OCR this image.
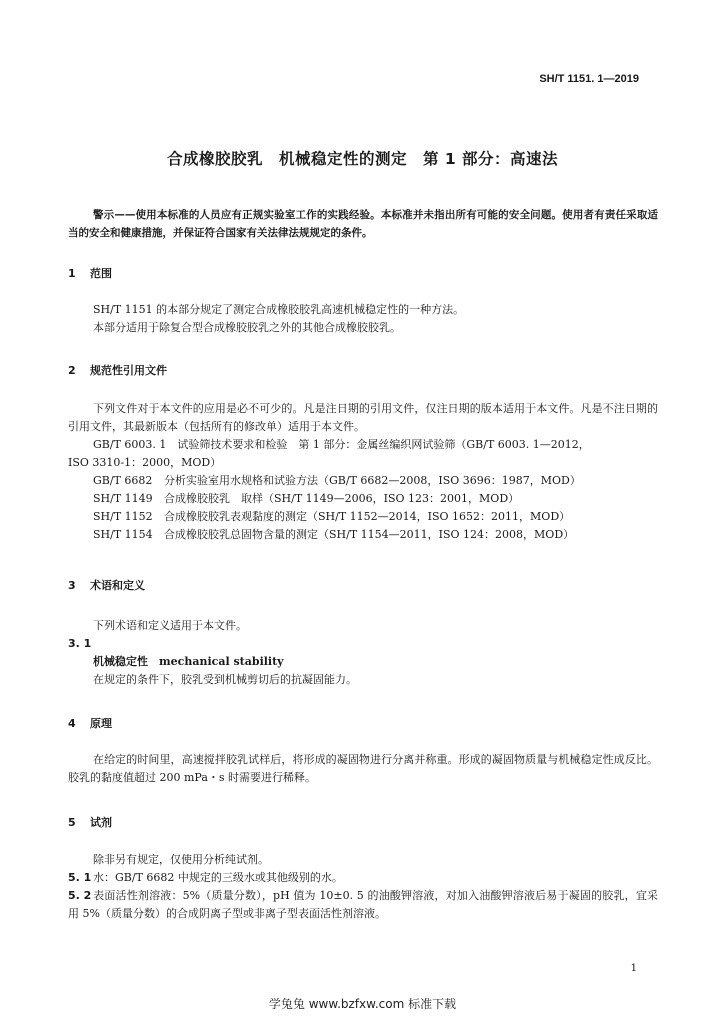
SH/T 1151. 1—2019
合成橡胶胶乳　机械稳定性的测定　第 1 部分：高速法

警示——使用本标准的人员应有正规实验室工作的实践经验。本标准并未指出所有可能的安全问题。使用者有责任采取适当的安全和健康措施，并保证符合国家有关法律法规规定的条件。

1 范围

SH/T 1151 的本部分规定了测定合成橡胶胶乳高速机械稳定性的一种方法。

本部分适用于除复合型合成橡胶胶乳之外的其他合成橡胶胶乳。

2 规范性引用文件

下列文件对于本文件的应用是必不可少的。凡是注日期的引用文件，仅注日期的版本适用于本文件。凡是不注日期的引用文件，其最新版本（包括所有的修改单）适用于本文件。

GB/T 6003. 1　试验筛技术要求和检验　第 1 部分：金属丝编织网试验筛（GB/T 6003. 1—2012，

ISO 3310-1：2000，MOD）

GB/T 6682 分析实验室用水规格和试验方法（GB/T 6682—2008，ISO 3696：1987，MOD）

SH/T 1149 合成橡胶胶乳　取样（SH/T 1149—2006，ISO 123：2001，MOD）

SH/T 1152 合成橡胶胶乳表观黏度的测定（SH/T 1152—2014，ISO 1652：2011，MOD）

SH/T 1154 合成橡胶胶乳总固物含量的测定（SH/T 1154—2011，ISO 124：2008，MOD）

3 术语和定义

下列术语和定义适用于本文件。

3. 1

机械稳定性　mechanical stability

在规定的条件下，胶乳受到机械剪切后的抗凝固能力。

4 原理

在给定的时间里，高速搅拌胶乳试样后，将形成的凝固物进行分离并称重。形成的凝固物质量与机械稳定性成反比。胶乳的黏度值超过 200 mPa・s 时需要进行稀释。

5 试剂

除非另有规定，仅使用分析纯试剂。

5. 1 水：GB/T 6682 中规定的三级水或其他级别的水。

5. 2 表面活性剂溶液：5%（质量分数），pH 值为 10±0. 5 的油酸钾溶液，对加入油酸钾溶液后易于凝固的胶乳，宜采用 5%（质量分数）的合成阴离子型或非离子型表面活性剂溶液。

1
学兔兔 www.bzfxw.com 标准下载
